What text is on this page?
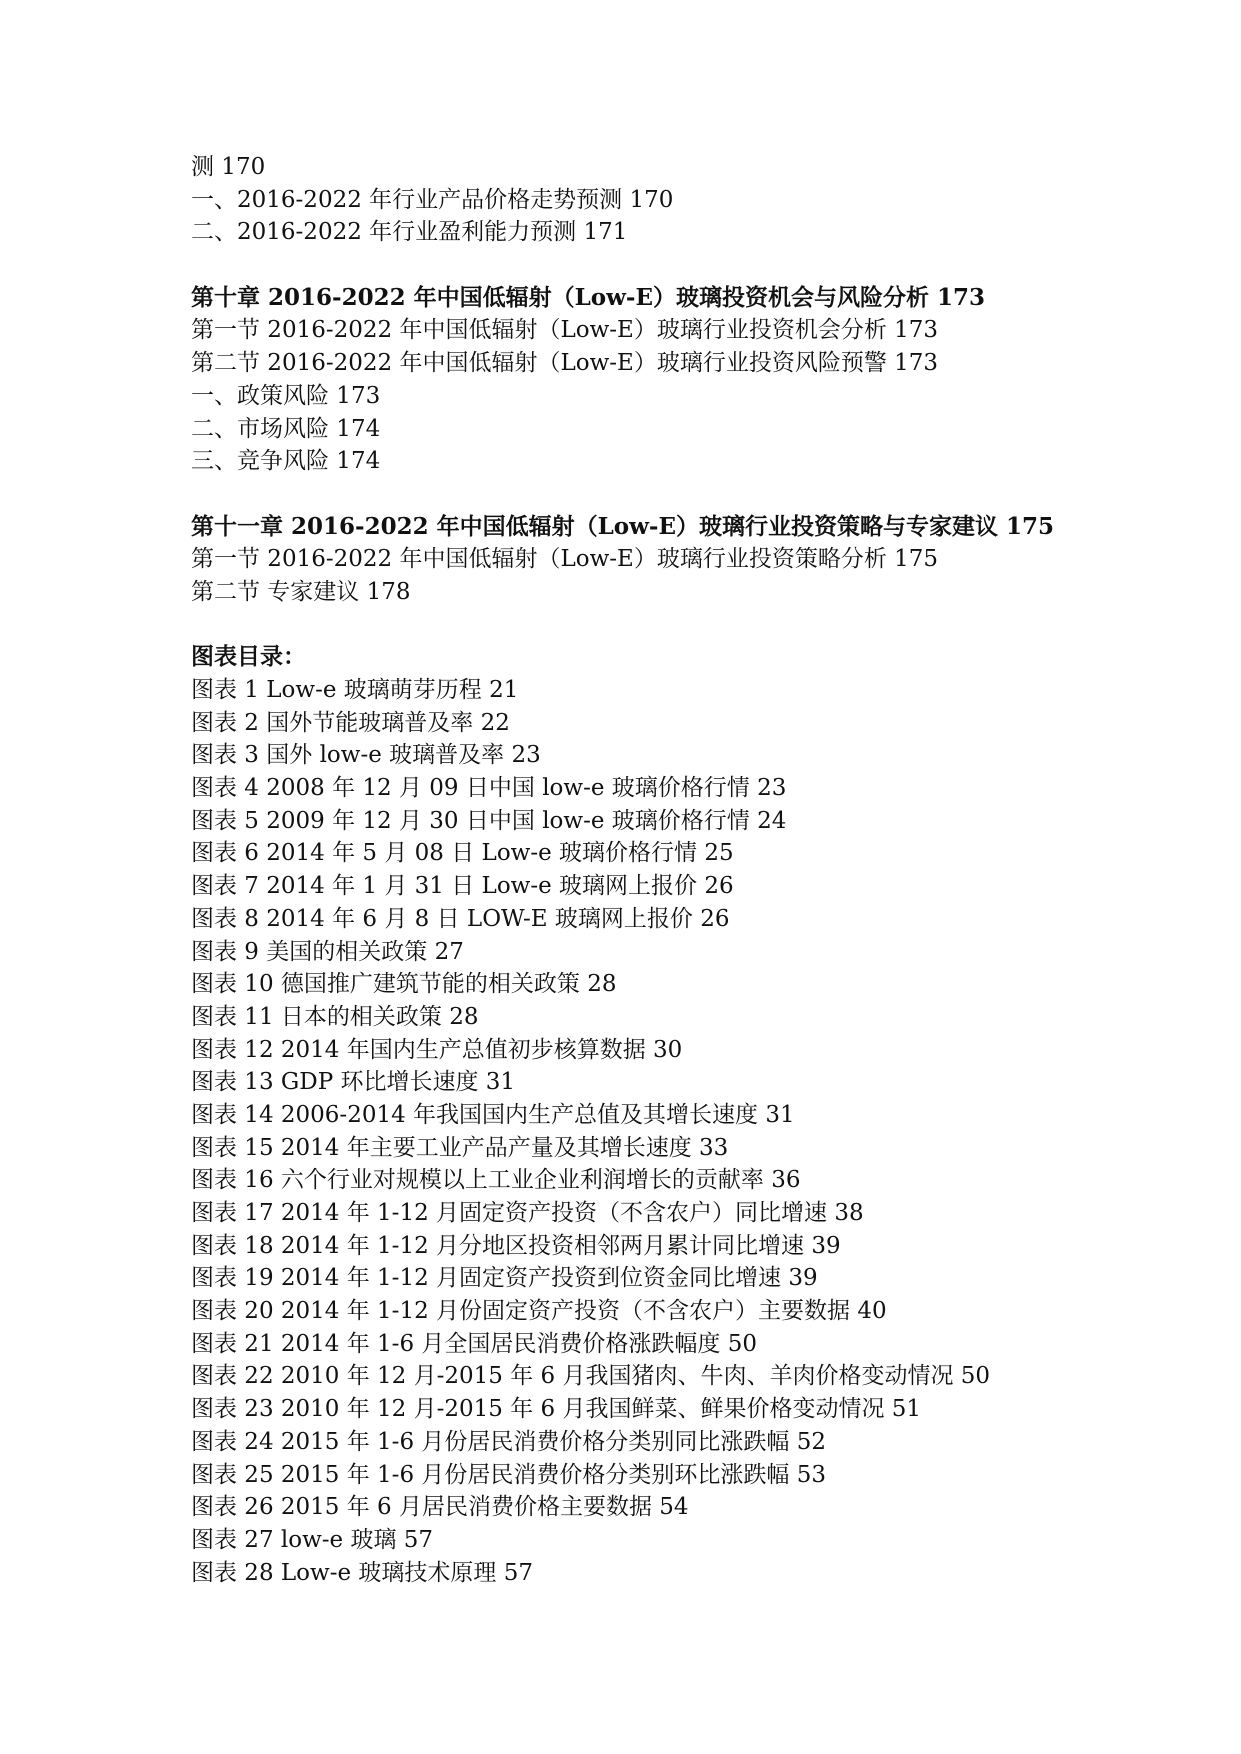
测 170
一、2016-2022 年行业产品价格走势预测 170
二、2016-2022 年行业盈利能力预测 171
第十章 2016-2022 年中国低辐射（Low-E）玻璃投资机会与风险分析 173
第一节 2016-2022 年中国低辐射（Low-E）玻璃行业投资机会分析 173
第二节 2016-2022 年中国低辐射（Low-E）玻璃行业投资风险预警 173
一、政策风险 173
二、市场风险 174
三、竞争风险 174
第十一章 2016-2022 年中国低辐射（Low-E）玻璃行业投资策略与专家建议 175
第一节 2016-2022 年中国低辐射（Low-E）玻璃行业投资策略分析 175
第二节 专家建议 178
图表目录：
图表 1 Low-e 玻璃萌芽历程 21
图表 2 国外节能玻璃普及率 22
图表 3 国外 low-e 玻璃普及率 23
图表 4 2008 年 12 月 09 日中国 low-e 玻璃价格行情 23
图表 5 2009 年 12 月 30 日中国 low-e 玻璃价格行情 24
图表 6 2014 年 5 月 08 日 Low-e 玻璃价格行情 25
图表 7 2014 年 1 月 31 日 Low-e 玻璃网上报价 26
图表 8 2014 年 6 月 8 日 LOW-E 玻璃网上报价 26
图表 9 美国的相关政策 27
图表 10 德国推广建筑节能的相关政策 28
图表 11 日本的相关政策 28
图表 12 2014 年国内生产总值初步核算数据 30
图表 13 GDP 环比增长速度 31
图表 14 2006-2014 年我国国内生产总值及其增长速度 31
图表 15 2014 年主要工业产品产量及其增长速度 33
图表 16 六个行业对规模以上工业企业利润增长的贡献率 36
图表 17 2014 年 1-12 月固定资产投资（不含农户）同比增速 38
图表 18 2014 年 1-12 月分地区投资相邻两月累计同比增速 39
图表 19 2014 年 1-12 月固定资产投资到位资金同比增速 39
图表 20 2014 年 1-12 月份固定资产投资（不含农户）主要数据 40
图表 21 2014 年 1-6 月全国居民消费价格涨跌幅度 50
图表 22 2010 年 12 月-2015 年 6 月我国猪肉、牛肉、羊肉价格变动情况 50
图表 23 2010 年 12 月-2015 年 6 月我国鲜菜、鲜果价格变动情况 51
图表 24 2015 年 1-6 月份居民消费价格分类别同比涨跌幅 52
图表 25 2015 年 1-6 月份居民消费价格分类别环比涨跌幅 53
图表 26 2015 年 6 月居民消费价格主要数据 54
图表 27 low-e 玻璃 57
图表 28 Low-e 玻璃技术原理 57
